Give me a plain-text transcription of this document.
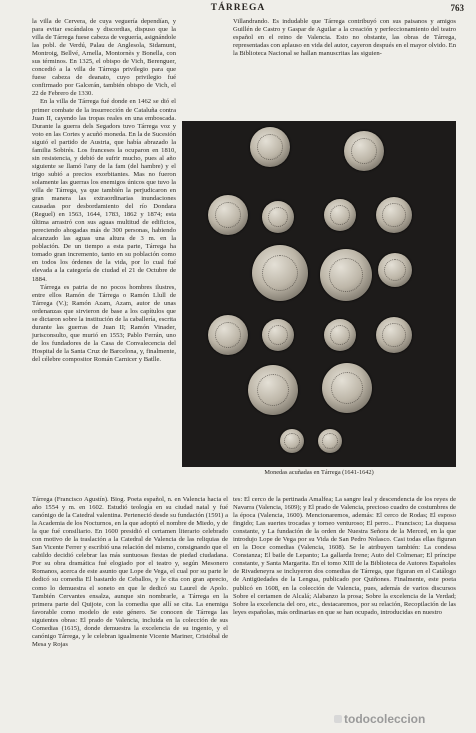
TÁRREGA	763

la villa de Cervera, de cuya veguería dependían, y para evitar escándalos y discordias, dispuso que la villa de Tárrega fuese cabeza de veguería, asignándole las pobl. de Verdú, Palau de Anglesola, Sidamunt, Montroig, Bellvé, Arnella, Montornès y Bonella, con sus términos. En 1325, el obispo de Vich, Berenguer, concedió a la villa de Tárrega privilegio para que fuese cabeza de deanato, cuyo privilegio fué confirmado por Galcerán, también obispo de Vich, el 22 de Febrero de 1330.

En la villa de Tárrega fué donde en 1462 se dió el primer combate de la insurrección de Cataluña contra Juan II, cayendo las tropas reales en una emboscada. Durante la guerra dels Segadors tuvo Tárrega voz y voto en las Cortes y acuñó moneda. En la de Sucesión siguió el partido de Austria, que había abrazado la familia Sobirés. Los franceses la ocuparon en 1810, sin resistencia, y debió de sufrir mucho, pues al año siguiente se llamó l'any de la fam (del hambre) y el trigo subió a precios exorbitantes. Mas no fueron solamente las guerras los enemigos únicos que tuvo la villa de Tárrega, ya que también la perjudicaron en gran manera las extraordinarias inundaciones causadas por desbordamiento del río Dondara (Reguel) en 1563, 1644, 1783, 1862 y 1874; esta última arrastró con sus aguas multitud de edificios, pereciendo ahogadas más de 300 personas, habiendo alcanzado las aguas una altura de 3 m. en la población. De un tiempo a esta parte, Tárrega ha tomado gran incremento, tanto en su población como en todos los órdenes de la vida, por lo cual fué elevada a la categoría de ciudad el 21 de Octubre de 1884.

Tárrega es patria de no pocos hombres ilustres, entre ellos Ramón de Tárrega o Ramón Llull de Tárrega (V.); Ramón Azam, Azam, autor de unas ordenanzas que sirvieron de base a los capítulos que se dictaron sobre la institución de la caballería, escrita durante las guerras de Juan II; Ramón Vinader, jurisconsulto, que murió en 1553; Pablo Ferrán, uno de los fundadores de la Casa de Convalecencia del Hospital de la Santa Cruz de Barcelona, y, finalmente, del célebre compositor Román Carnicer y Batlle.

Villandrando. Es indudable que Tárrega contribuyó con sus paisanos y amigos Guillén de Castro y Gaspar de Aguilar a la creación y perfeccionamiento del teatro español en el reino de Valencia. Esto no obstante, las obras de Tárrega, representadas con aplauso en vida del autor, cayeron después en el mayor olvido. En la Biblioteca Nacional se hallan manuscritas las siguien-

Monedas acuñadas en Tárrega (1641-1642)

Tárrega (Francisco Agustín). Biog. Poeta español, n. en Valencia hacia el año 1554 y m. en 1602. Estudió teología en su ciudad natal y fué canónigo de la Catedral valentina. Perteneció desde su fundación (1591) a la Academia de los Nocturnos, en la que adoptó el nombre de Miedo, y de la que fué consiliario. En 1600 presidió el certamen literario celebrado con motivo de la traslación a la Catedral de Valencia de las reliquias de San Vicente Ferrer y escribió una relación del mismo, consignando que el cabildo decidió celebrar las más suntuosas fiestas de piedad ciudadana. Por su obra dramática fué elogiado por el teatro y, según Mesonero Romanos, acerca de este asunto que Lope de Vega, el cual por su parte le dedicó su comedia El bastardo de Ceballos, y le cita con gran aprecio, como lo demuestra el soneto en que le dedicó su Laurel de Apolo. También Cervantes ensalza, aunque sin nombrarle, a Tárrega en la primera parte del Quijote, con la comedia que allí se cita. La enemiga favorable como modelo de este género. Se conocen de Tárrega las siguientes obras: El prado de Valencia, incluida en la colección de sus Comedias (1615), donde demuestra la excelencia de su ingenio, y el canónigo Tárrega, y le celebran igualmente Vicente Mariner, Cristóbal de Mesa y Rojas

tes: El cerco de la pertinada Amalfea; La sangre leal y descendencia de los reyes de Navarra (Valencia, 1609); y El prado de Valencia, precioso cuadro de costumbres de la época (Valencia, 1600). Mencionaremos, además: El cerco de Rodas; El esposo fingido; Las suertes trocadas y torneo venturoso; El perro... Francisco; La duquesa constante, y La fundación de la orden de Nuestra Señora de la Merced, en la que introdujo Lope de Vega por su Vida de San Pedro Nolasco. Casi todas ellas figuran en la Doce comedias (Valencia, 1608). Se le atribuyen también: La condesa Constanza; El baile de Lepanto; La gallarda Irene; Auto del Colmenar; El príncipe constante, y Santa Margarita. En el tomo XIII de la Biblioteca de Autores Españoles de Rivadeneyra se incluyeron dos comedias de Tárrega, que figuran en el Catálogo de Antigüedades de la Lengua, publicado por Quiñones. Finalmente, este poeta publicó en 1608, en la colección de Valencia, pues, además de varios discursos Sobre el certamen de Alcalá; Alabanzo la prosa; Sobre la excelencia de la Verdad; Sobre la excelencia del oro, etc., destacaremos, por su relación, Recopilación de las leyes españolas, más ordinarias en que se han ocupado, introducidas en nuestro

todocoleccion
